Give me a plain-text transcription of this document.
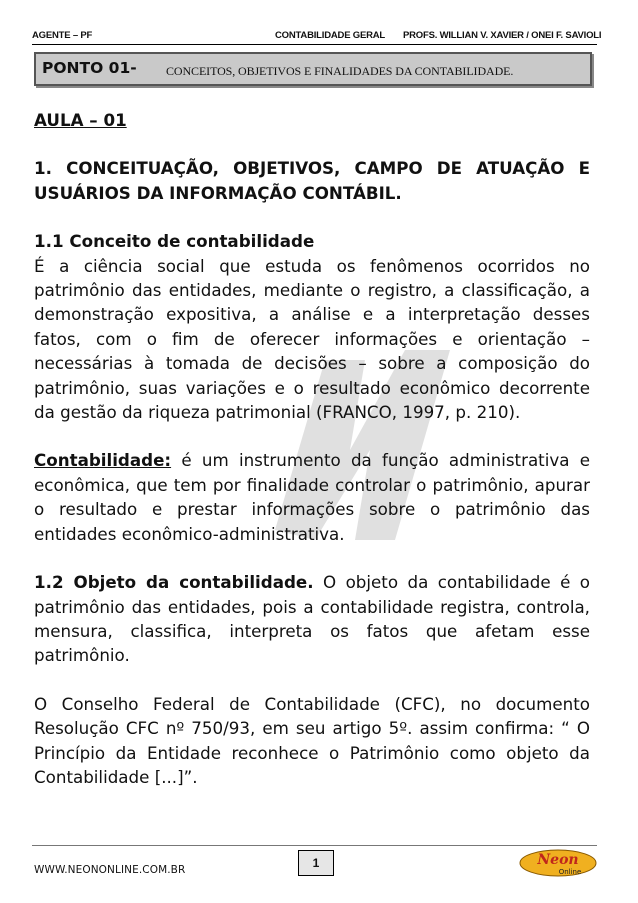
AGENTE – PF	CONTABILIDADE GERAL PROFS. WILLIAN V. XAVIER / ONEI F. SAVIOLI
PONTO 01- CONCEITOS, OBJETIVOS E FINALIDADES DA CONTABILIDADE.

AULA – 01

1. CONCEITUAÇÃO, OBJETIVOS, CAMPO DE ATUAÇÃO E USUÁRIOS DA INFORMAÇÃO CONTÁBIL.

1.1 Conceito de contabilidade

É a ciência social que estuda os fenômenos ocorridos no patrimônio das entidades, mediante o registro, a classificação, a demonstração expositiva, a análise e a interpretação desses fatos, com o fim de oferecer informações e orientação – necessárias à tomada de decisões – sobre a composição do patrimônio, suas variações e o resultado econômico decorrente da gestão da riqueza patrimonial (FRANCO, 1997, p. 210).

Contabilidade: é um instrumento da função administrativa e econômica, que tem por finalidade controlar o patrimônio, apurar o resultado e prestar informações sobre o patrimônio das entidades econômico-administrativa.

1.2 Objeto da contabilidade. O objeto da contabilidade é o patrimônio das entidades, pois a contabilidade registra, controla, mensura, classifica, interpreta os fatos que afetam esse patrimônio.

O Conselho Federal de Contabilidade (CFC), no documento Resolução CFC nº 750/93, em seu artigo 5º. assim confirma: “ O Princípio da Entidade reconhece o Patrimônio como objeto da Contabilidade [...]”.

WWW.NEONONLINE.COM.BR	1	Neon
Online
